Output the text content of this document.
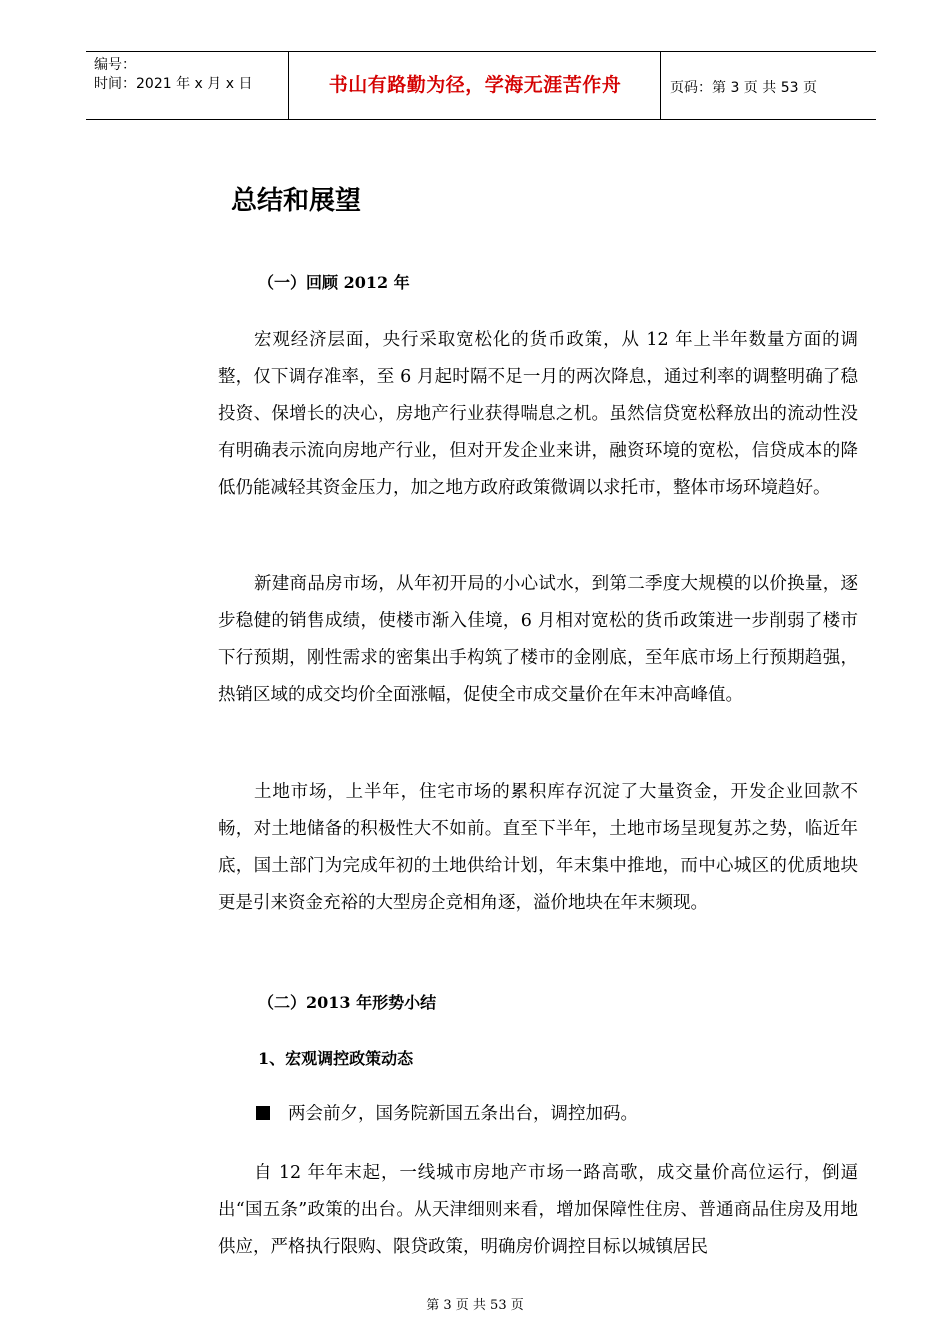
编号：
时间：2021 年 x 月 x 日	书山有路勤为径，学海无涯苦作舟	页码：第 3 页 共 53 页
总结和展望
（一）回顾 2012 年
宏观经济层面，央行采取宽松化的货币政策，从 12 年上半年数量方面的调整，仅下调存准率，至 6 月起时隔不足一月的两次降息，通过利率的调整明确了稳投资、保增长的决心，房地产行业获得喘息之机。虽然信贷宽松释放出的流动性没有明确表示流向房地产行业，但对开发企业来讲，融资环境的宽松，信贷成本的降低仍能减轻其资金压力，加之地方政府政策微调以求托市，整体市场环境趋好。
新建商品房市场，从年初开局的小心试水，到第二季度大规模的以价换量，逐步稳健的销售成绩，使楼市渐入佳境，6 月相对宽松的货币政策进一步削弱了楼市下行预期，刚性需求的密集出手构筑了楼市的金刚底，至年底市场上行预期趋强，热销区域的成交均价全面涨幅，促使全市成交量价在年末冲高峰值。
土地市场，上半年，住宅市场的累积库存沉淀了大量资金，开发企业回款不畅，对土地储备的积极性大不如前。直至下半年，土地市场呈现复苏之势，临近年底，国土部门为完成年初的土地供给计划，年末集中推地，而中心城区的优质地块更是引来资金充裕的大型房企竞相角逐，溢价地块在年末频现。
（二）2013 年形势小结
1、宏观调控政策动态
两会前夕，国务院新国五条出台，调控加码。
自 12 年年末起，一线城市房地产市场一路高歌，成交量价高位运行，倒逼出“国五条”政策的出台。从天津细则来看，增加保障性住房、普通商品住房及用地供应，严格执行限购、限贷政策，明确房价调控目标以城镇居民
第 3 页 共 53 页
